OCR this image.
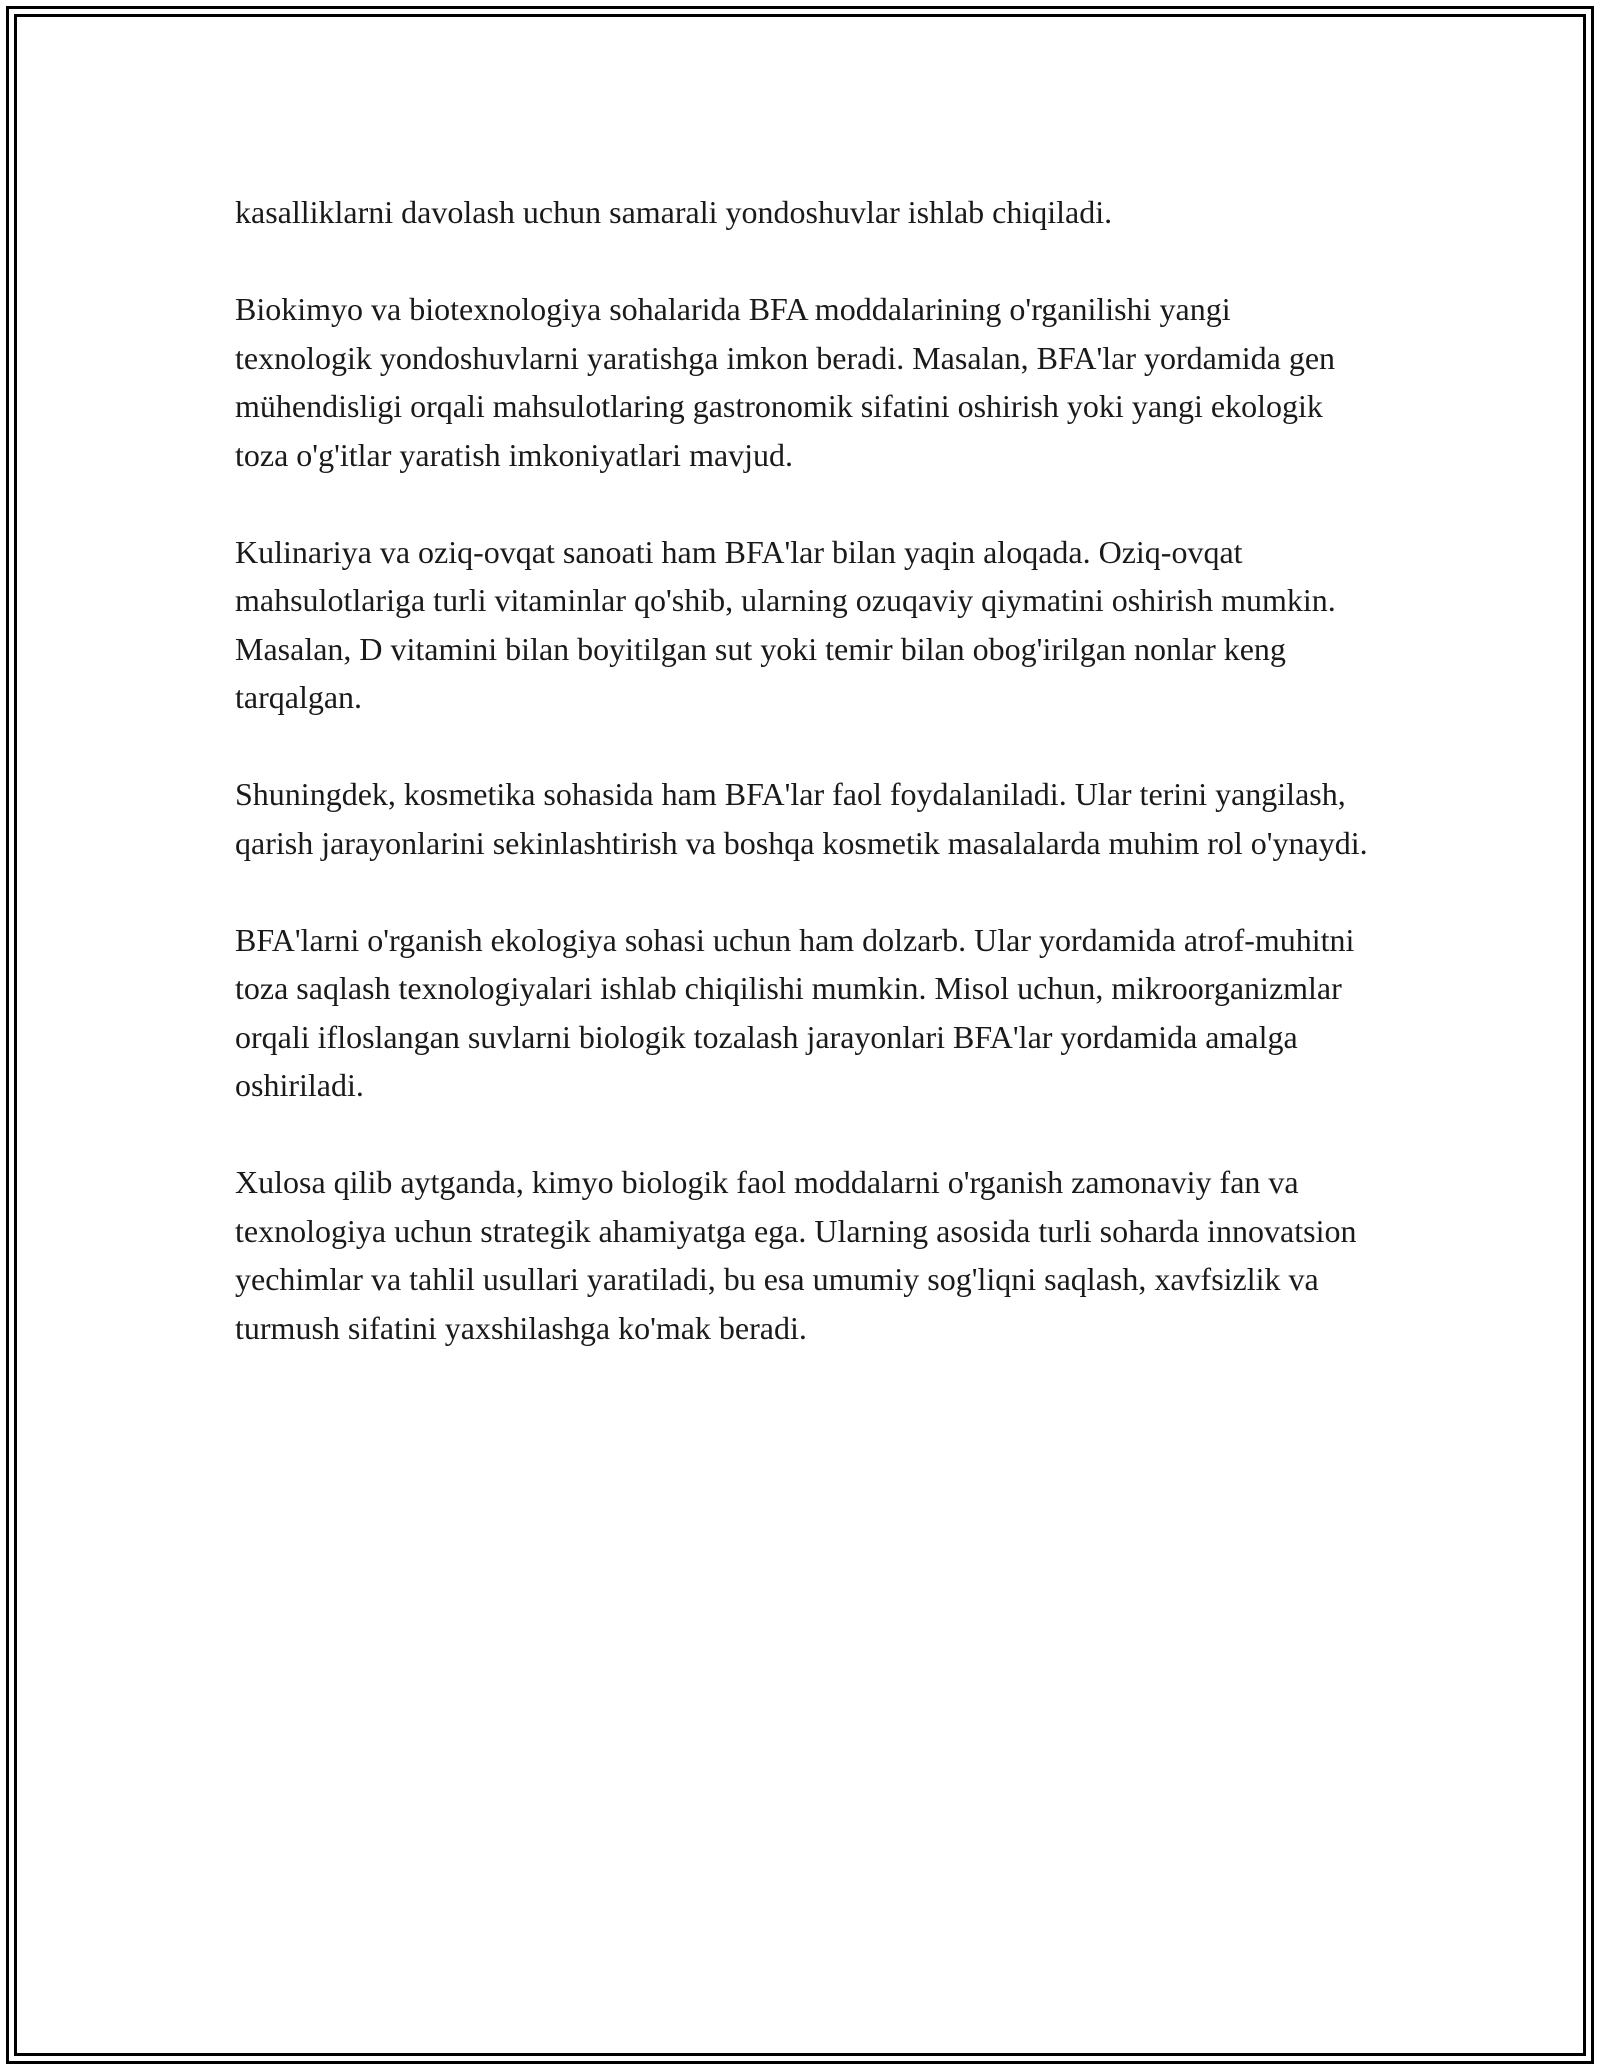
kasalliklarni davolash uchun samarali yondoshuvlar ishlab chiqiladi.

Biokimyo va biotexnologiya sohalarida BFA moddalarining o'rganilishi yangi texnologik yondoshuvlarni yaratishga imkon beradi. Masalan, BFA'lar yordamida gen mühendisligi orqali mahsulotlaring gastronomik sifatini oshirish yoki yangi ekologik toza o'g'itlar yaratish imkoniyatlari mavjud.

Kulinariya va oziq-ovqat sanoati ham BFA'lar bilan yaqin aloqada. Oziq-ovqat mahsulotlariga turli vitaminlar qo'shib, ularning ozuqaviy qiymatini oshirish mumkin. Masalan, D vitamini bilan boyitilgan sut yoki temir bilan obog'irilgan nonlar keng tarqalgan.

Shuningdek, kosmetika sohasida ham BFA'lar faol foydalaniladi. Ular terini yangilash, qarish jarayonlarini sekinlashtirish va boshqa kosmetik masalalarda muhim rol o'ynaydi.

BFA'larni o'rganish ekologiya sohasi uchun ham dolzarb. Ular yordamida atrof-muhitni toza saqlash texnologiyalari ishlab chiqilishi mumkin. Misol uchun, mikroorganizmlar orqali ifloslangan suvlarni biologik tozalash jarayonlari BFA'lar yordamida amalga oshiriladi.

Xulosa qilib aytganda, kimyo biologik faol moddalarni o'rganish zamonaviy fan va texnologiya uchun strategik ahamiyatga ega. Ularning asosida turli soharda innovatsion yechimlar va tahlil usullari yaratiladi, bu esa umumiy sog'liqni saqlash, xavfsizlik va turmush sifatini yaxshilashga ko'mak beradi.
